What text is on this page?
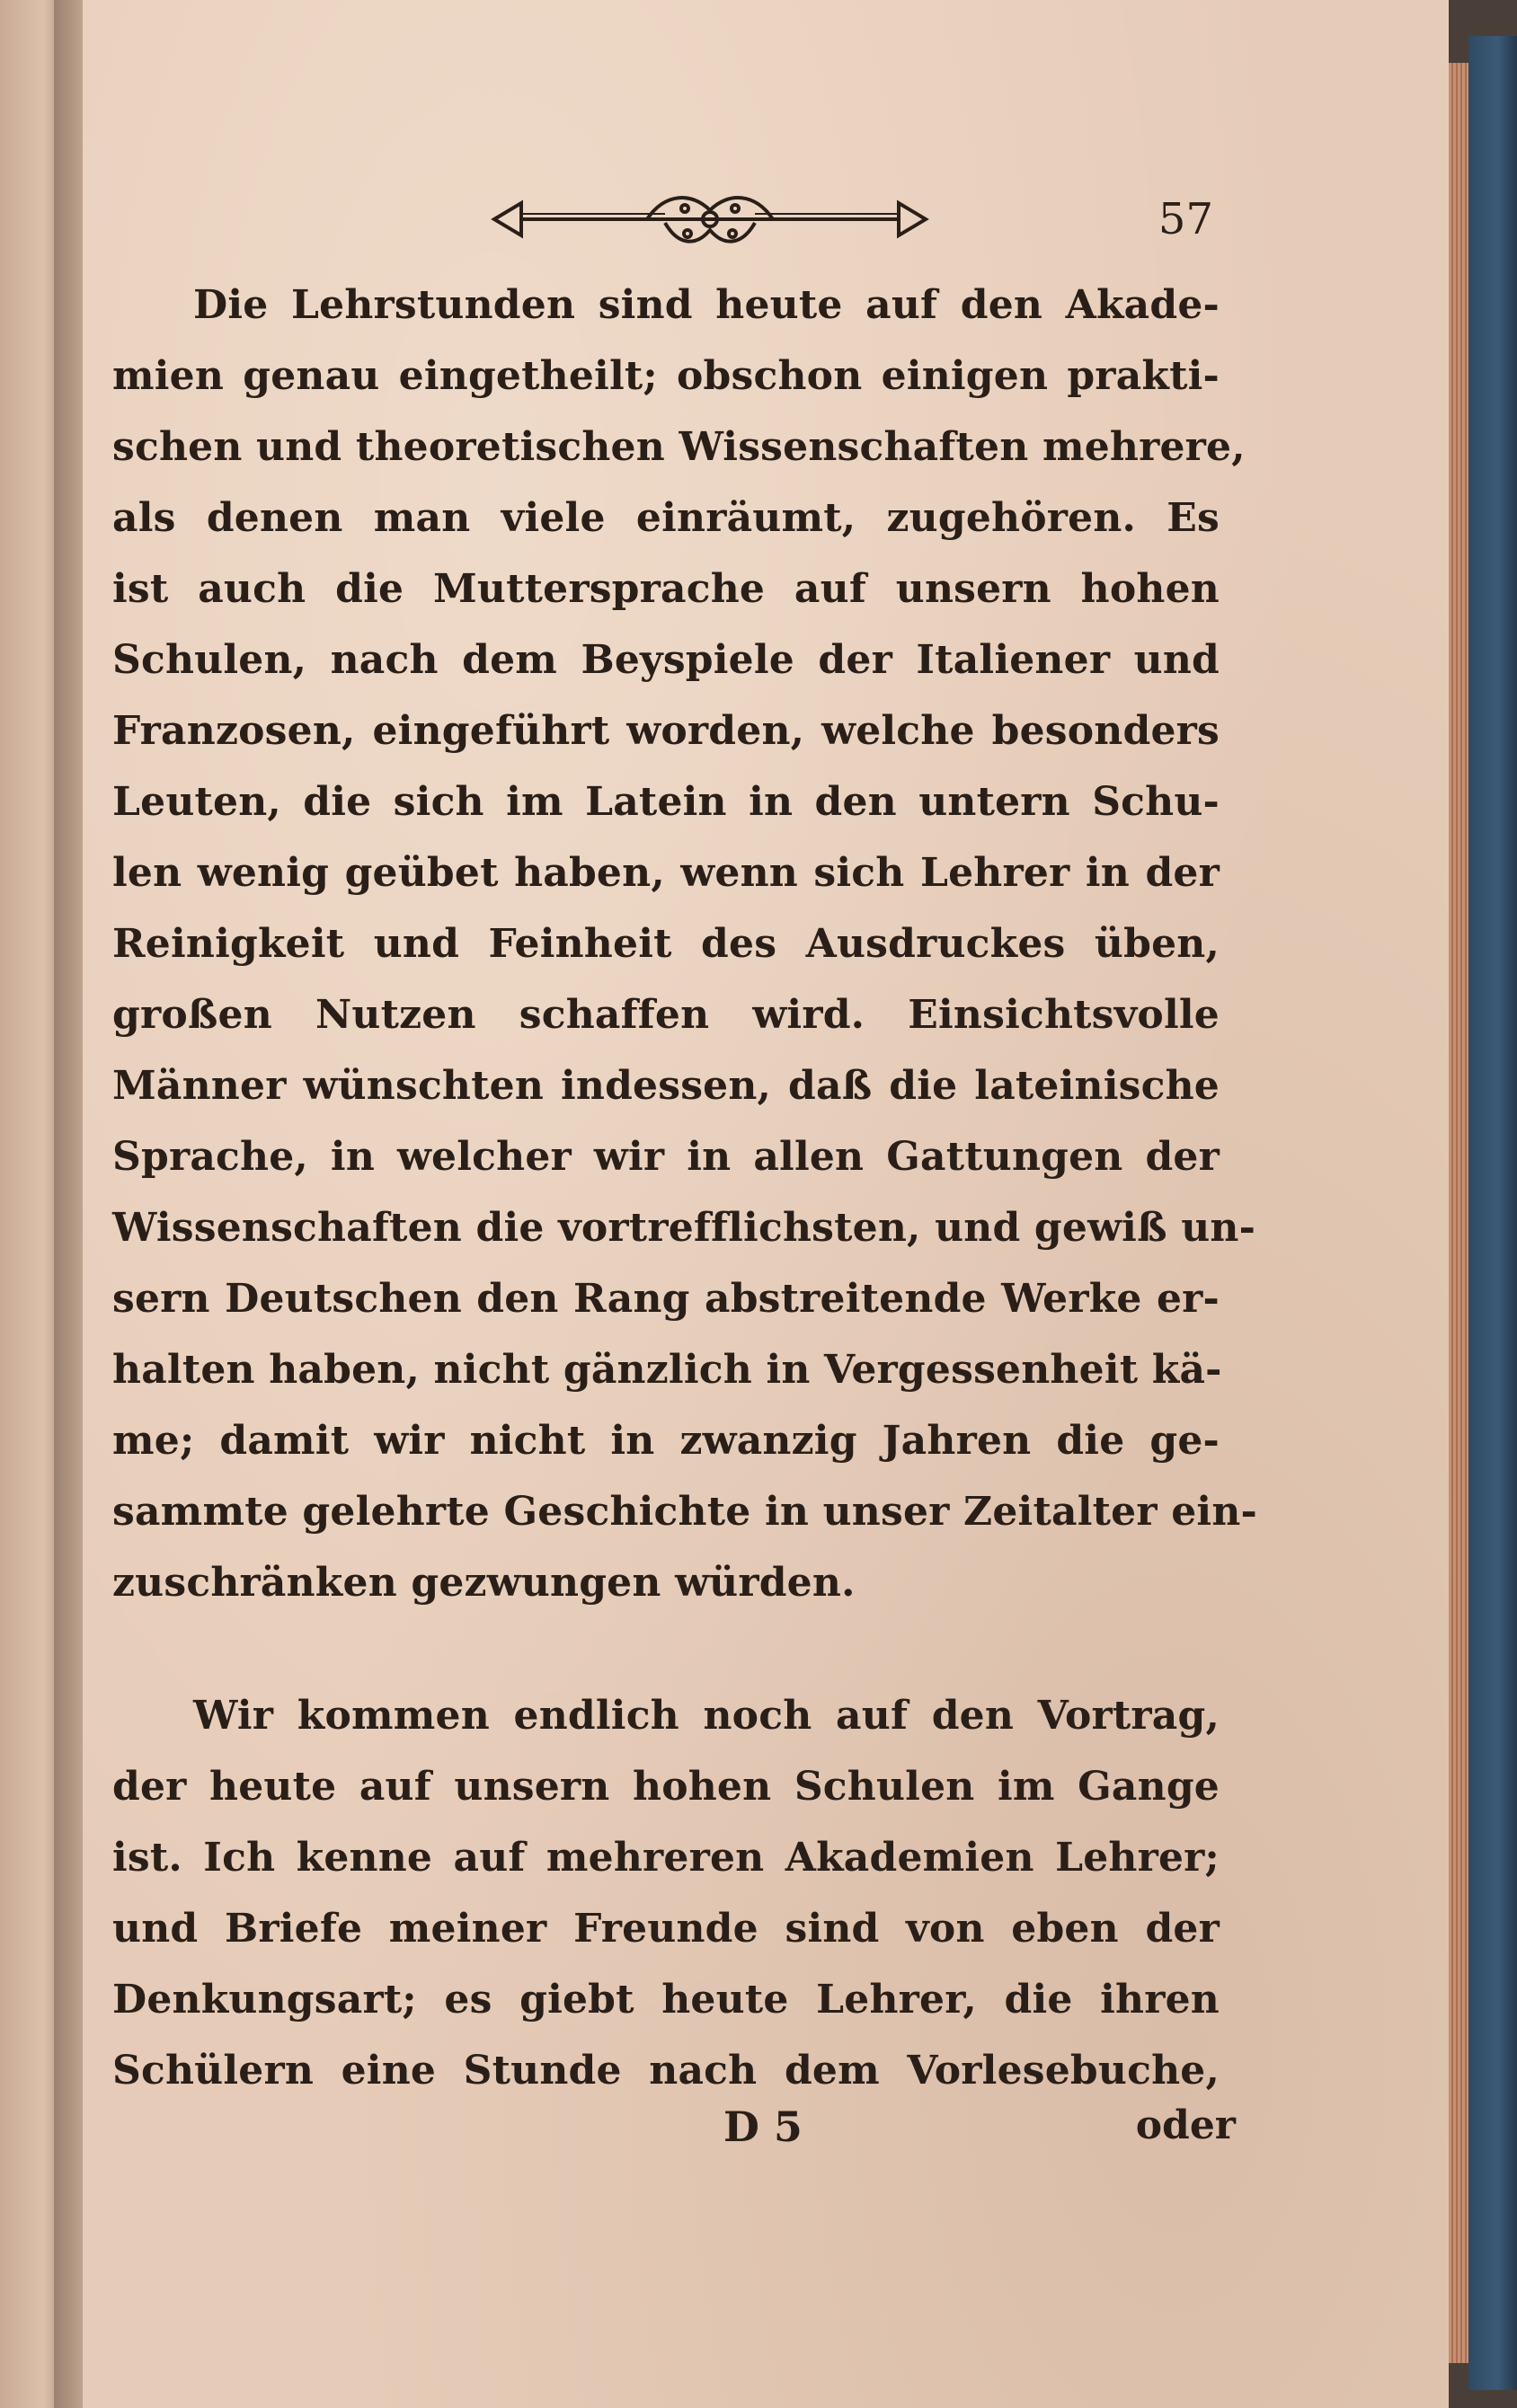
57
Die Lehrstunden sind heute auf den Akade-
mien genau eingetheilt; obschon einigen prakti-
schen und theoretischen Wissenschaften mehrere,
als denen man viele einräumt, zugehören. Es
ist auch die Muttersprache auf unsern hohen
Schulen, nach dem Beyspiele der Italiener und
Franzosen, eingeführt worden, welche besonders
Leuten, die sich im Latein in den untern Schu-
len wenig geübet haben, wenn sich Lehrer in der
Reinigkeit und Feinheit des Ausdruckes üben,
großen Nutzen schaffen wird. Einsichtsvolle
Männer wünschten indessen, daß die lateinische
Sprache, in welcher wir in allen Gattungen der
Wissenschaften die vortrefflichsten, und gewiß un-
sern Deutschen den Rang abstreitende Werke er-
halten haben, nicht gänzlich in Vergessenheit kä-
me; damit wir nicht in zwanzig Jahren die ge-
sammte gelehrte Geschichte in unser Zeitalter ein-
zuschränken gezwungen würden.
Wir kommen endlich noch auf den Vortrag,
der heute auf unsern hohen Schulen im Gange
ist. Ich kenne auf mehreren Akademien Lehrer;
und Briefe meiner Freunde sind von eben der
Denkungsart; es giebt heute Lehrer, die ihren
Schülern eine Stunde nach dem Vorlesebuche,
D 5	oder
